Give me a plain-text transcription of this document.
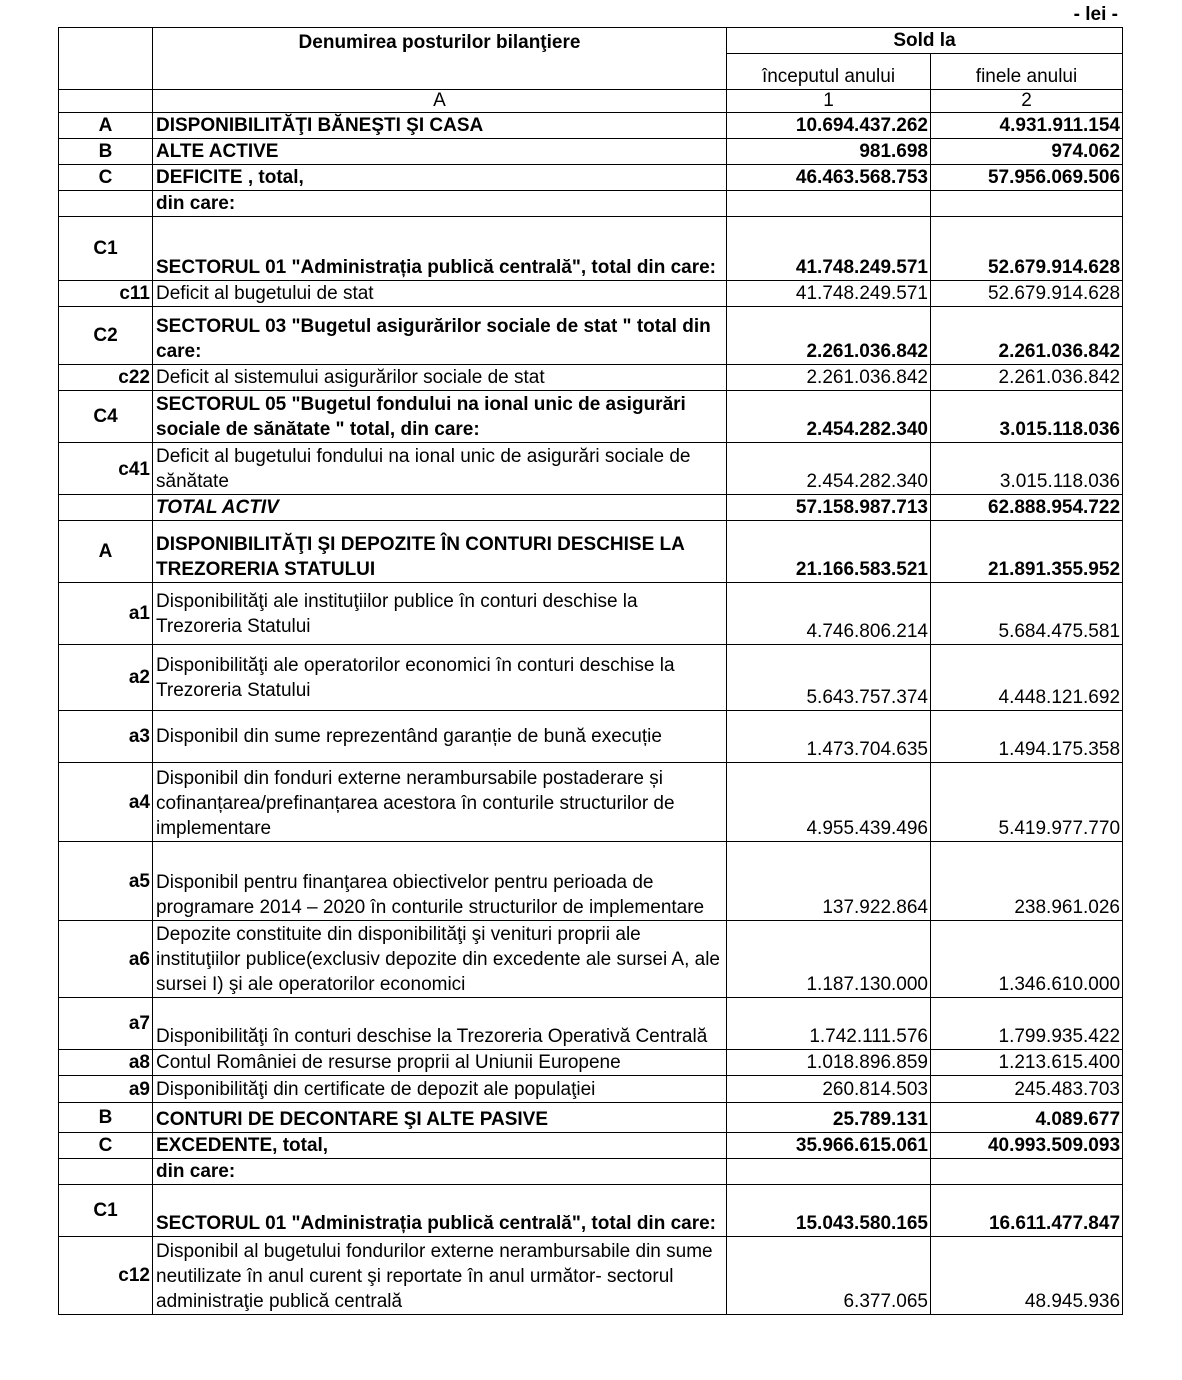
- lei -
	Denumirea posturilor bilanţiere	Sold la	
		începutul anului	finele anului
	A	1	2
A	DISPONIBILITĂŢI BĂNEŞTI ŞI CASA	10.694.437.262	4.931.911.154
B	ALTE ACTIVE	981.698	974.062
C	DEFICITE , total,	46.463.568.753	57.956.069.506
	din care:		
C1	SECTORUL 01 "Administrația publică centrală", total din care:	41.748.249.571	52.679.914.628
c11	Deficit al bugetului de stat	41.748.249.571	52.679.914.628
C2	SECTORUL 03 "Bugetul asigurărilor sociale de stat " total din care:	2.261.036.842	2.261.036.842
c22	Deficit al sistemului asigurărilor sociale de stat	2.261.036.842	2.261.036.842
C4	SECTORUL 05 "Bugetul fondului na ional unic de asigurări sociale de sănătate " total, din care:	2.454.282.340	3.015.118.036
c41	Deficit al bugetului fondului na ional unic de asigurări sociale de sănătate	2.454.282.340	3.015.118.036
	TOTAL ACTIV	57.158.987.713	62.888.954.722
A	DISPONIBILITĂŢI ŞI DEPOZITE ÎN CONTURI DESCHISE LA TREZORERIA STATULUI	21.166.583.521	21.891.355.952
a1	Disponibilităţi ale instituţiilor publice în conturi deschise la Trezoreria Statului	4.746.806.214	5.684.475.581
a2	Disponibilităţi ale operatorilor economici în conturi deschise la Trezoreria Statului	5.643.757.374	4.448.121.692
a3	Disponibil din sume reprezentând garanție de bună execuție	1.473.704.635	1.494.175.358
a4	Disponibil din fonduri externe nerambursabile postaderare și cofinanțarea/prefinanțarea acestora în conturile structurilor de implementare	4.955.439.496	5.419.977.770
a5	Disponibil pentru finanţarea obiectivelor pentru perioada de programare 2014 – 2020 în conturile structurilor de implementare	137.922.864	238.961.026
a6	Depozite constituite din disponibilităţi şi venituri proprii ale instituţiilor publice(exclusiv depozite din excedente ale sursei A, ale sursei I) şi ale operatorilor economici	1.187.130.000	1.346.610.000
a7	Disponibilităţi în conturi deschise la Trezoreria Operativă Centrală	1.742.111.576	1.799.935.422
a8	Contul României de resurse proprii al Uniunii Europene	1.018.896.859	1.213.615.400
a9	Disponibilităţi din certificate de depozit ale populaţiei	260.814.503	245.483.703
B	CONTURI DE DECONTARE ŞI ALTE PASIVE	25.789.131	4.089.677
C	EXCEDENTE, total,	35.966.615.061	40.993.509.093
	din care:		
C1	SECTORUL 01 "Administrația publică centrală", total din care:	15.043.580.165	16.611.477.847
c12	Disponibil al bugetului fondurilor externe nerambursabile din sume neutilizate în anul curent şi reportate în anul următor- sectorul administraţie publică centrală	6.377.065	48.945.936
